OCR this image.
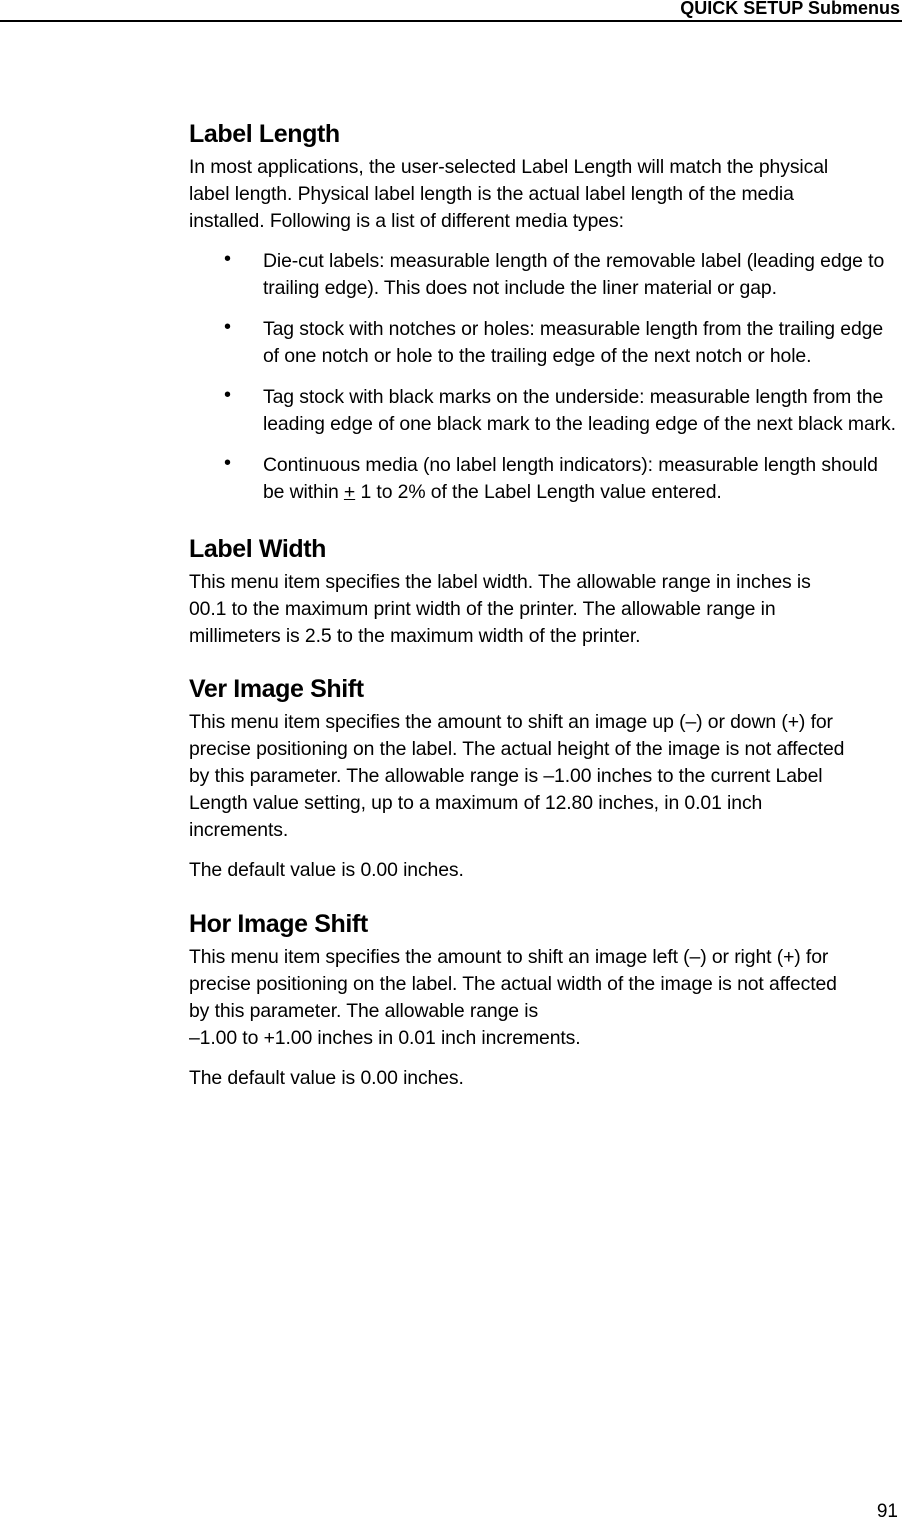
QUICK SETUP Submenus
Label Length

In most applications, the user-selected Label Length will match the physical
label length. Physical label length is the actual label length of the media
installed. Following is a list of different media types:

• Die-cut labels: measurable length of the removable label (leading edge to trailing edge). This does not include the liner material or gap.
• Tag stock with notches or holes: measurable length from the trailing edge of one notch or hole to the trailing edge of the next notch or hole.
• Tag stock with black marks on the underside: measurable length from the leading edge of one black mark to the leading edge of the next black mark.
• Continuous media (no label length indicators): measurable length should be within + 1 to 2% of the Label Length value entered.
Label Width

This menu item specifies the label width. The allowable range in inches is
00.1 to the maximum print width of the printer. The allowable range in
millimeters is 2.5 to the maximum width of the printer.

Ver Image Shift

This menu item specifies the amount to shift an image up (–) or down (+) for
precise positioning on the label. The actual height of the image is not affected
by this parameter. The allowable range is –1.00 inches to the current Label
Length value setting, up to a maximum of 12.80 inches, in 0.01 inch
increments.

The default value is 0.00 inches.

Hor Image Shift

This menu item specifies the amount to shift an image left (–) or right (+) for
precise positioning on the label. The actual width of the image is not affected
by this parameter. The allowable range is
–1.00 to +1.00 inches in 0.01 inch increments.

The default value is 0.00 inches.

91
